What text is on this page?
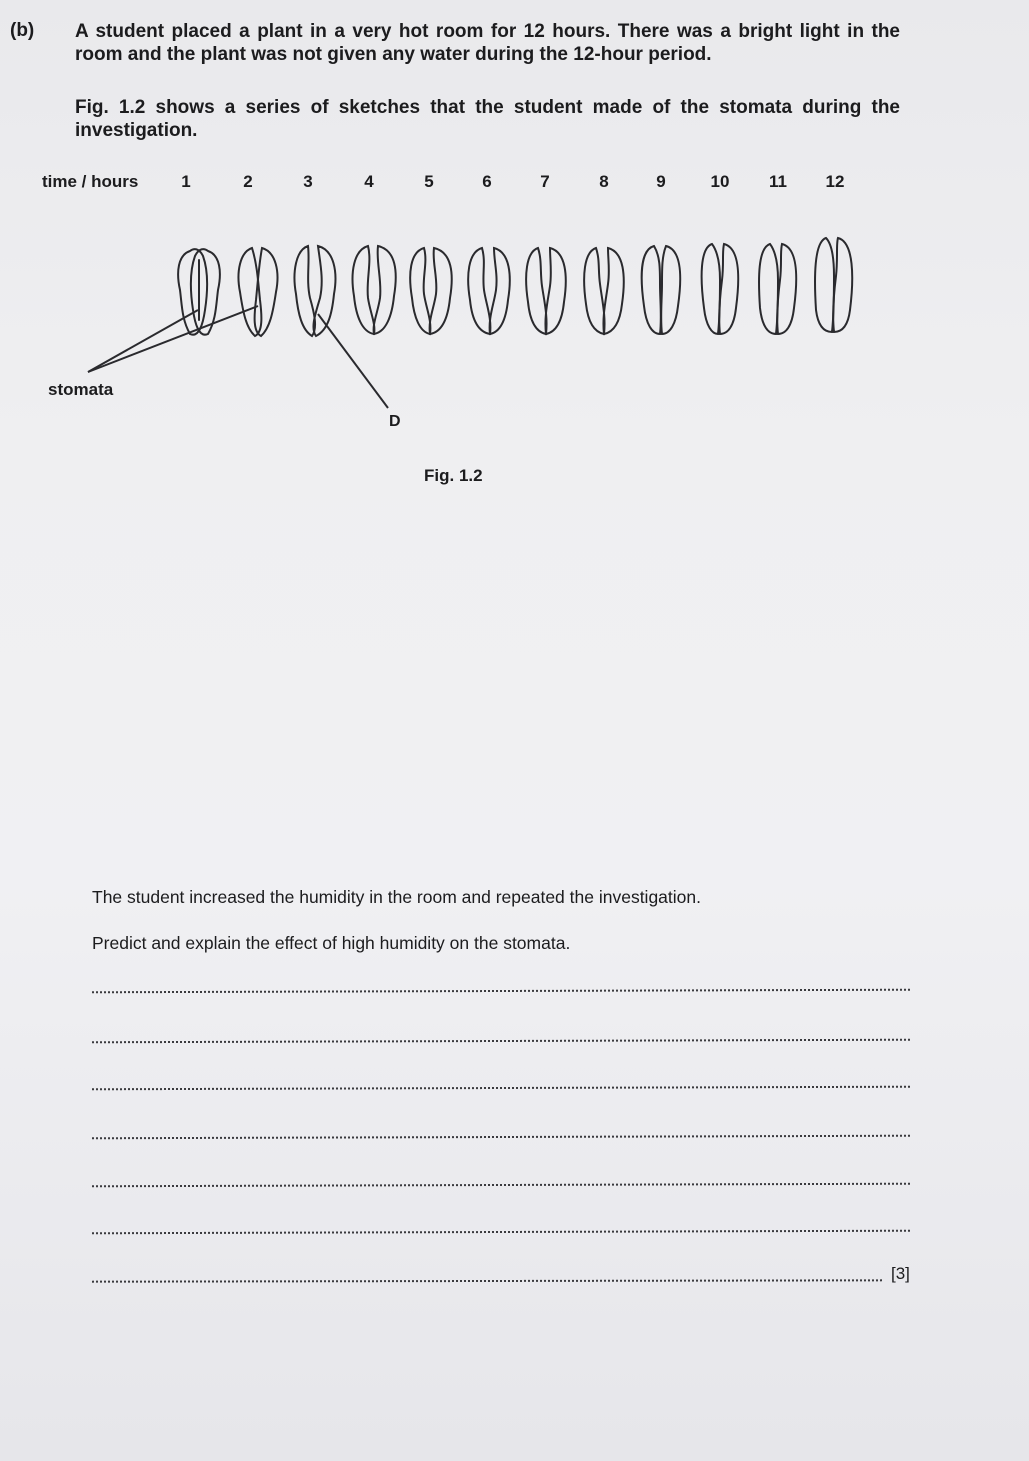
(b) A student placed a plant in a very hot room for 12 hours. There was a bright light in the room and the plant was not given any water during the 12-hour period.
Fig. 1.2 shows a series of sketches that the student made of the stomata during the investigation.
time / hours	1	2	3	4	5	6	7	8	9	10	11	12
stomata
D
Fig. 1.2
The student increased the humidity in the room and repeated the investigation.
Predict and explain the effect of high humidity on the stomata.
[3]
